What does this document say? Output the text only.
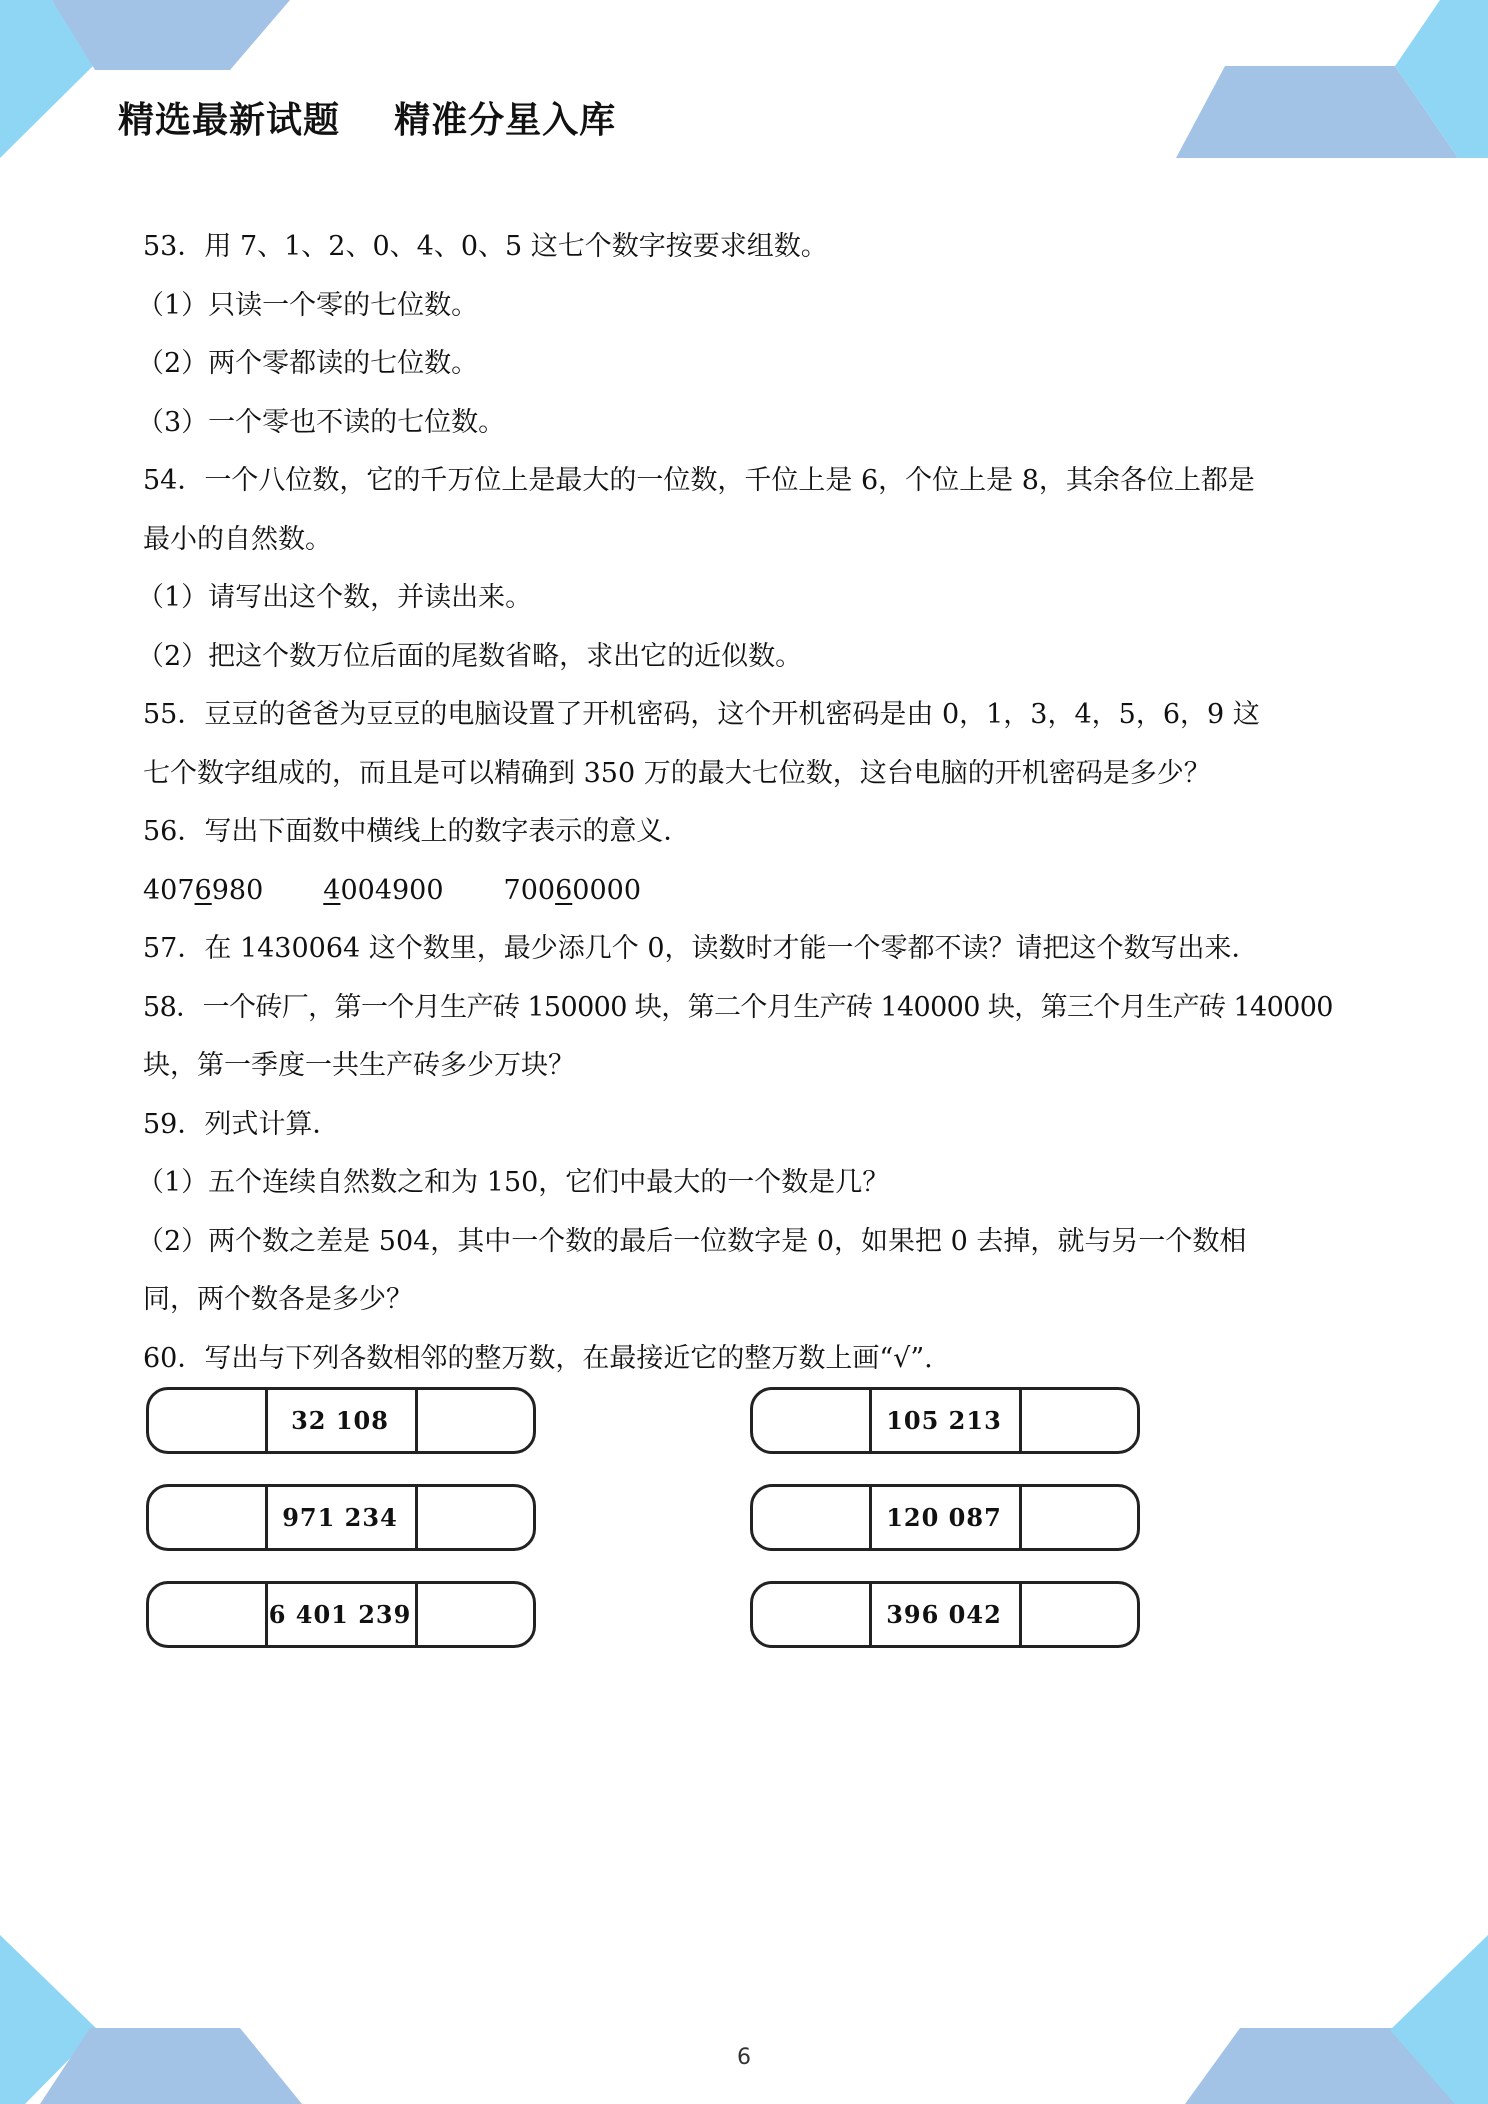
精选最新试题    精准分星入库

53．用 7、1、2、0、4、0、5 这七个数字按要求组数。

（1）只读一个零的七位数。

（2）两个零都读的七位数。

（3）一个零也不读的七位数。

54．一个八位数，它的千万位上是最大的一位数，千位上是 6，个位上是 8，其余各位上都是

最小的自然数。

（1）请写出这个数，并读出来。

（2）把这个数万位后面的尾数省略，求出它的近似数。

55．豆豆的爸爸为豆豆的电脑设置了开机密码，这个开机密码是由 0，1，3，4，5，6，9 这

七个数字组成的，而且是可以精确到 350 万的最大七位数，这台电脑的开机密码是多少？

56．写出下面数中横线上的数字表示的意义．

4076980 4004900 70060000

57．在 1430064 这个数里，最少添几个 0，读数时才能一个零都不读？请把这个数写出来．

58．一个砖厂，第一个月生产砖 150000 块，第二个月生产砖 140000 块，第三个月生产砖 140000

块，第一季度一共生产砖多少万块？

59．列式计算．

（1）五个连续自然数之和为 150，它们中最大的一个数是几？

（2）两个数之差是 504，其中一个数的最后一位数字是 0，如果把 0 去掉，就与另一个数相

同，两个数各是多少？

60．写出与下列各数相邻的整万数，在最接近它的整万数上画“√”.

32 108	105 213
971 234	120 087
6 401 239	396 042
6
